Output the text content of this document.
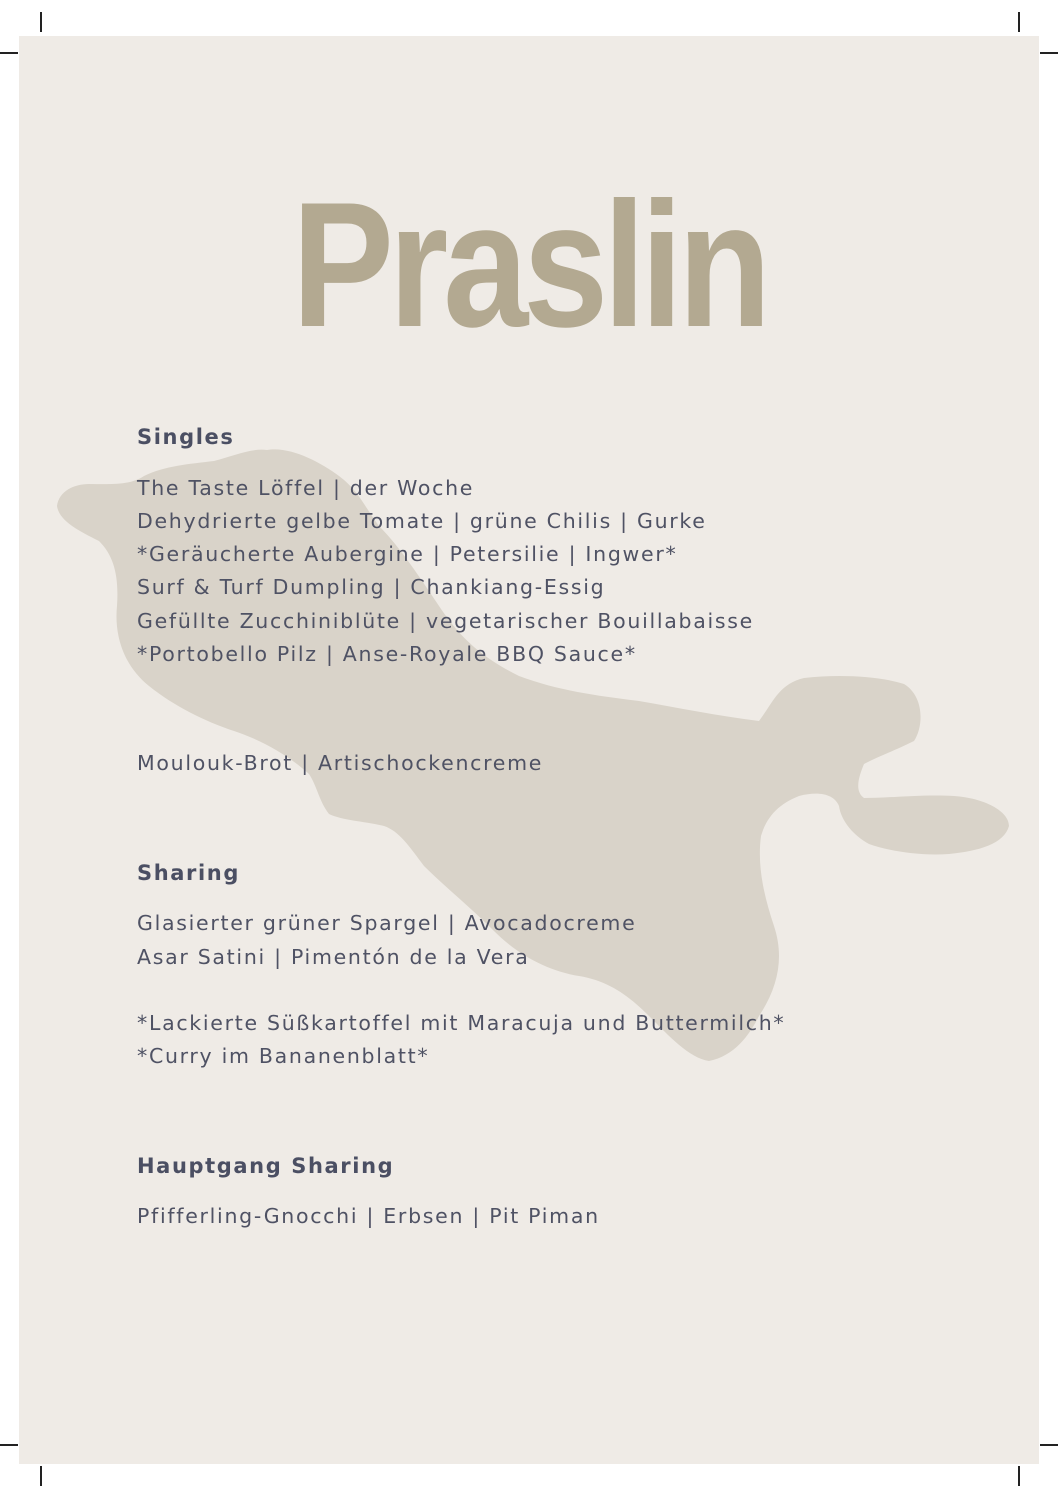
Praslin
Singles
The Taste Löffel | der Woche
Dehydrierte gelbe Tomate | grüne Chilis | Gurke
*Geräucherte Aubergine | Petersilie | Ingwer*
Surf & Turf Dumpling | Chankiang-Essig
Gefüllte Zucchiniblüte | vegetarischer Bouillabaisse
*Portobello Pilz | Anse-Royale BBQ Sauce*
Moulouk-Brot | Artischockencreme
Sharing
Glasierter grüner Spargel | Avocadocreme
Asar Satini | Pimentón de la Vera
*Lackierte Süßkartoffel mit Maracuja und Buttermilch*
*Curry im Bananenblatt*
Hauptgang Sharing
Pfifferling-Gnocchi | Erbsen | Pit Piman
